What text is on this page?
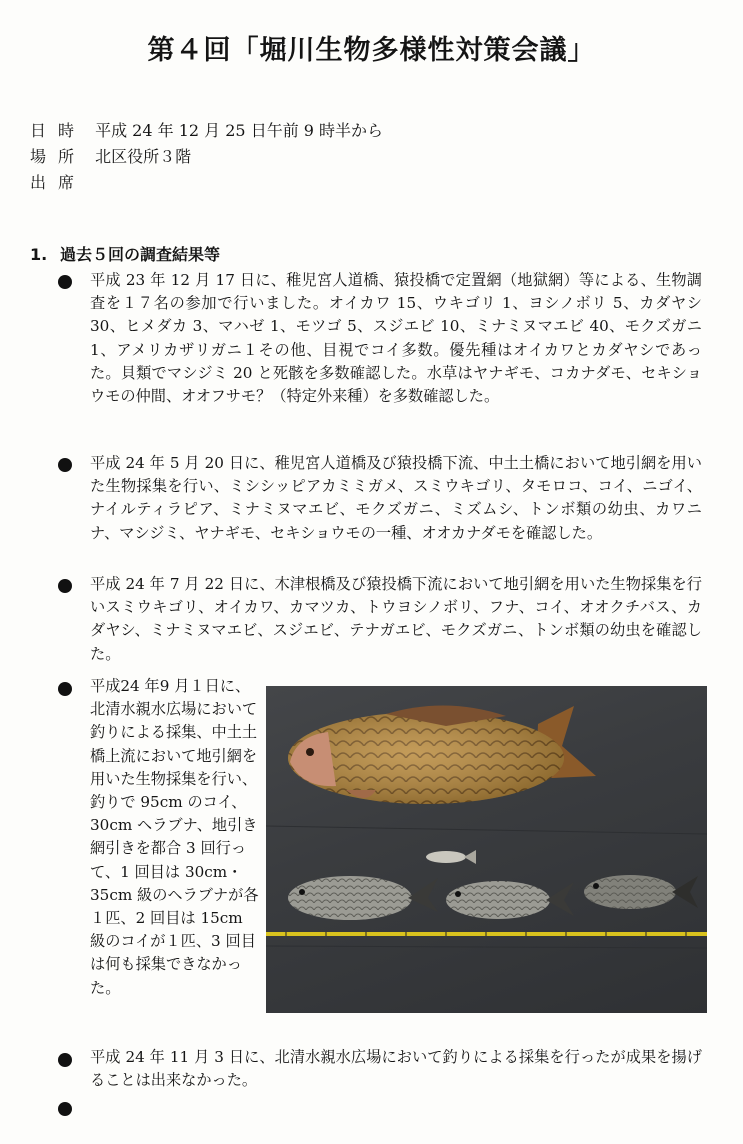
第４回「堀川生物多様性対策会議」
日時 平成 24 年 12 月 25 日午前 9 時半から
場所 北区役所３階
出席
1. 過去５回の調査結果等

平成 23 年 12 月 17 日に、稚児宮人道橋、猿投橋で定置網（地獄網）等による、生物調査を１７名の参加で行いました。オイカワ 15、ウキゴリ 1、ヨシノボリ 5、カダヤシ 30、ヒメダカ 3、マハゼ 1、モツゴ 5、スジエビ 10、ミナミヌマエビ 40、モクズガニ 1、アメリカザリガニ１その他、目視でコイ多数。優先種はオイカワとカダヤシであった。貝類でマシジミ 20 と死骸を多数確認した。水草はヤナギモ、コカナダモ、セキショウモの仲間、オオフサモ？（特定外来種）を多数確認した。

平成 24 年 5 月 20 日に、稚児宮人道橋及び猿投橋下流、中土土橋において地引網を用いた生物採集を行い、ミシシッピアカミミガメ、スミウキゴリ、タモロコ、コイ、ニゴイ、ナイルティラピア、ミナミヌマエビ、モクズガニ、ミズムシ、トンボ類の幼虫、カワニナ、マシジミ、ヤナギモ、セキショウモの一種、オオカナダモを確認した。

平成 24 年 7 月 22 日に、木津根橋及び猿投橋下流において地引網を用いた生物採集を行いスミウキゴリ、オイカワ、カマツカ、トウヨシノボリ、フナ、コイ、オオクチバス、カダヤシ、ミナミヌマエビ、スジエビ、テナガエビ、モクズガニ、トンボ類の幼虫を確認した。

平成24 年9 月１日に、北清水親水広場において釣りによる採集、中土土橋上流において地引網を用いた生物採集を行い、釣りで 95cm のコイ、30cm ヘラブナ、地引き網引きを都合 3 回行って、1 回目は 30cm・35cm 級のヘラブナが各１匹、2 回目は 15cm 級のコイが１匹、3 回目は何も採集できなかった。

平成 24 年 11 月 3 日に、北清水親水広場において釣りによる採集を行ったが成果を揚げることは出来なかった。
